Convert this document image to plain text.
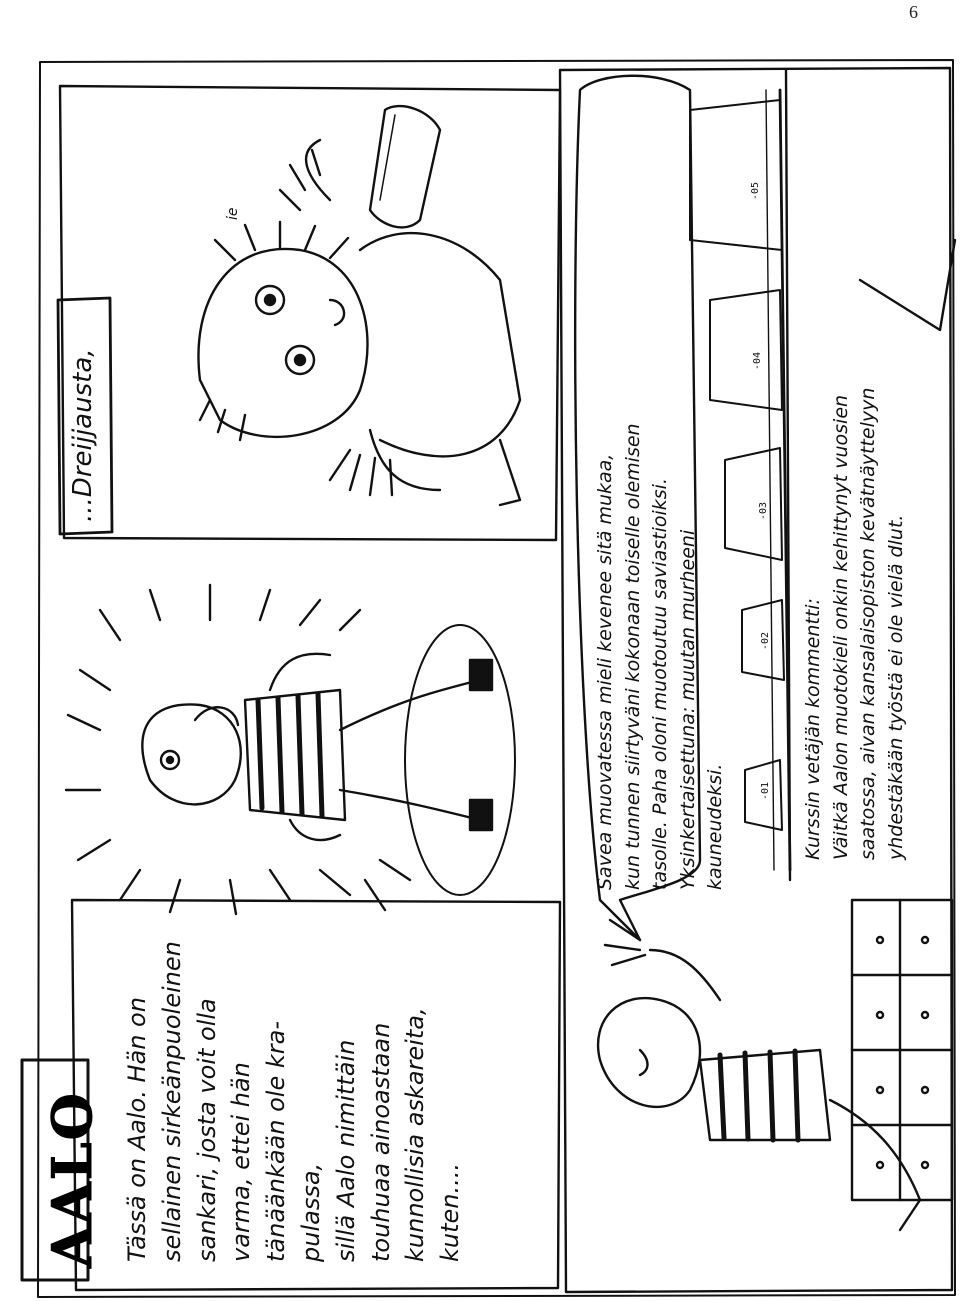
6
AALO Tässä on Aalo. Hän on sellainen sirkeänpuoleinen sankari, josta voit olla varma, ettei hän tänäänkään ole kra- pulassa, sillä Aalo nimittäin touhuaa ainoastaan kunnollisia askareita, kuten....
...Dreijjausta,
ie
Savea muovatessa mieli kevenee sitä mukaa, kun tunnen siirtyväni kokonaan toiselle olemisen tasolle. Paha oloni muotoutuu saviastioiksi. Yksinkertaisettuna: muutan murheeni kauneudeksi.	-01
-02
-03
-04
-05
Kurssin vetäjän kommentti: Väitkä Aalon muotokieli onkin kehittynyt vuosien saatossa, aivan kansalaisopiston kevätnäyttelyyn yhdestäkään työstä ei ole vielä dlut.
